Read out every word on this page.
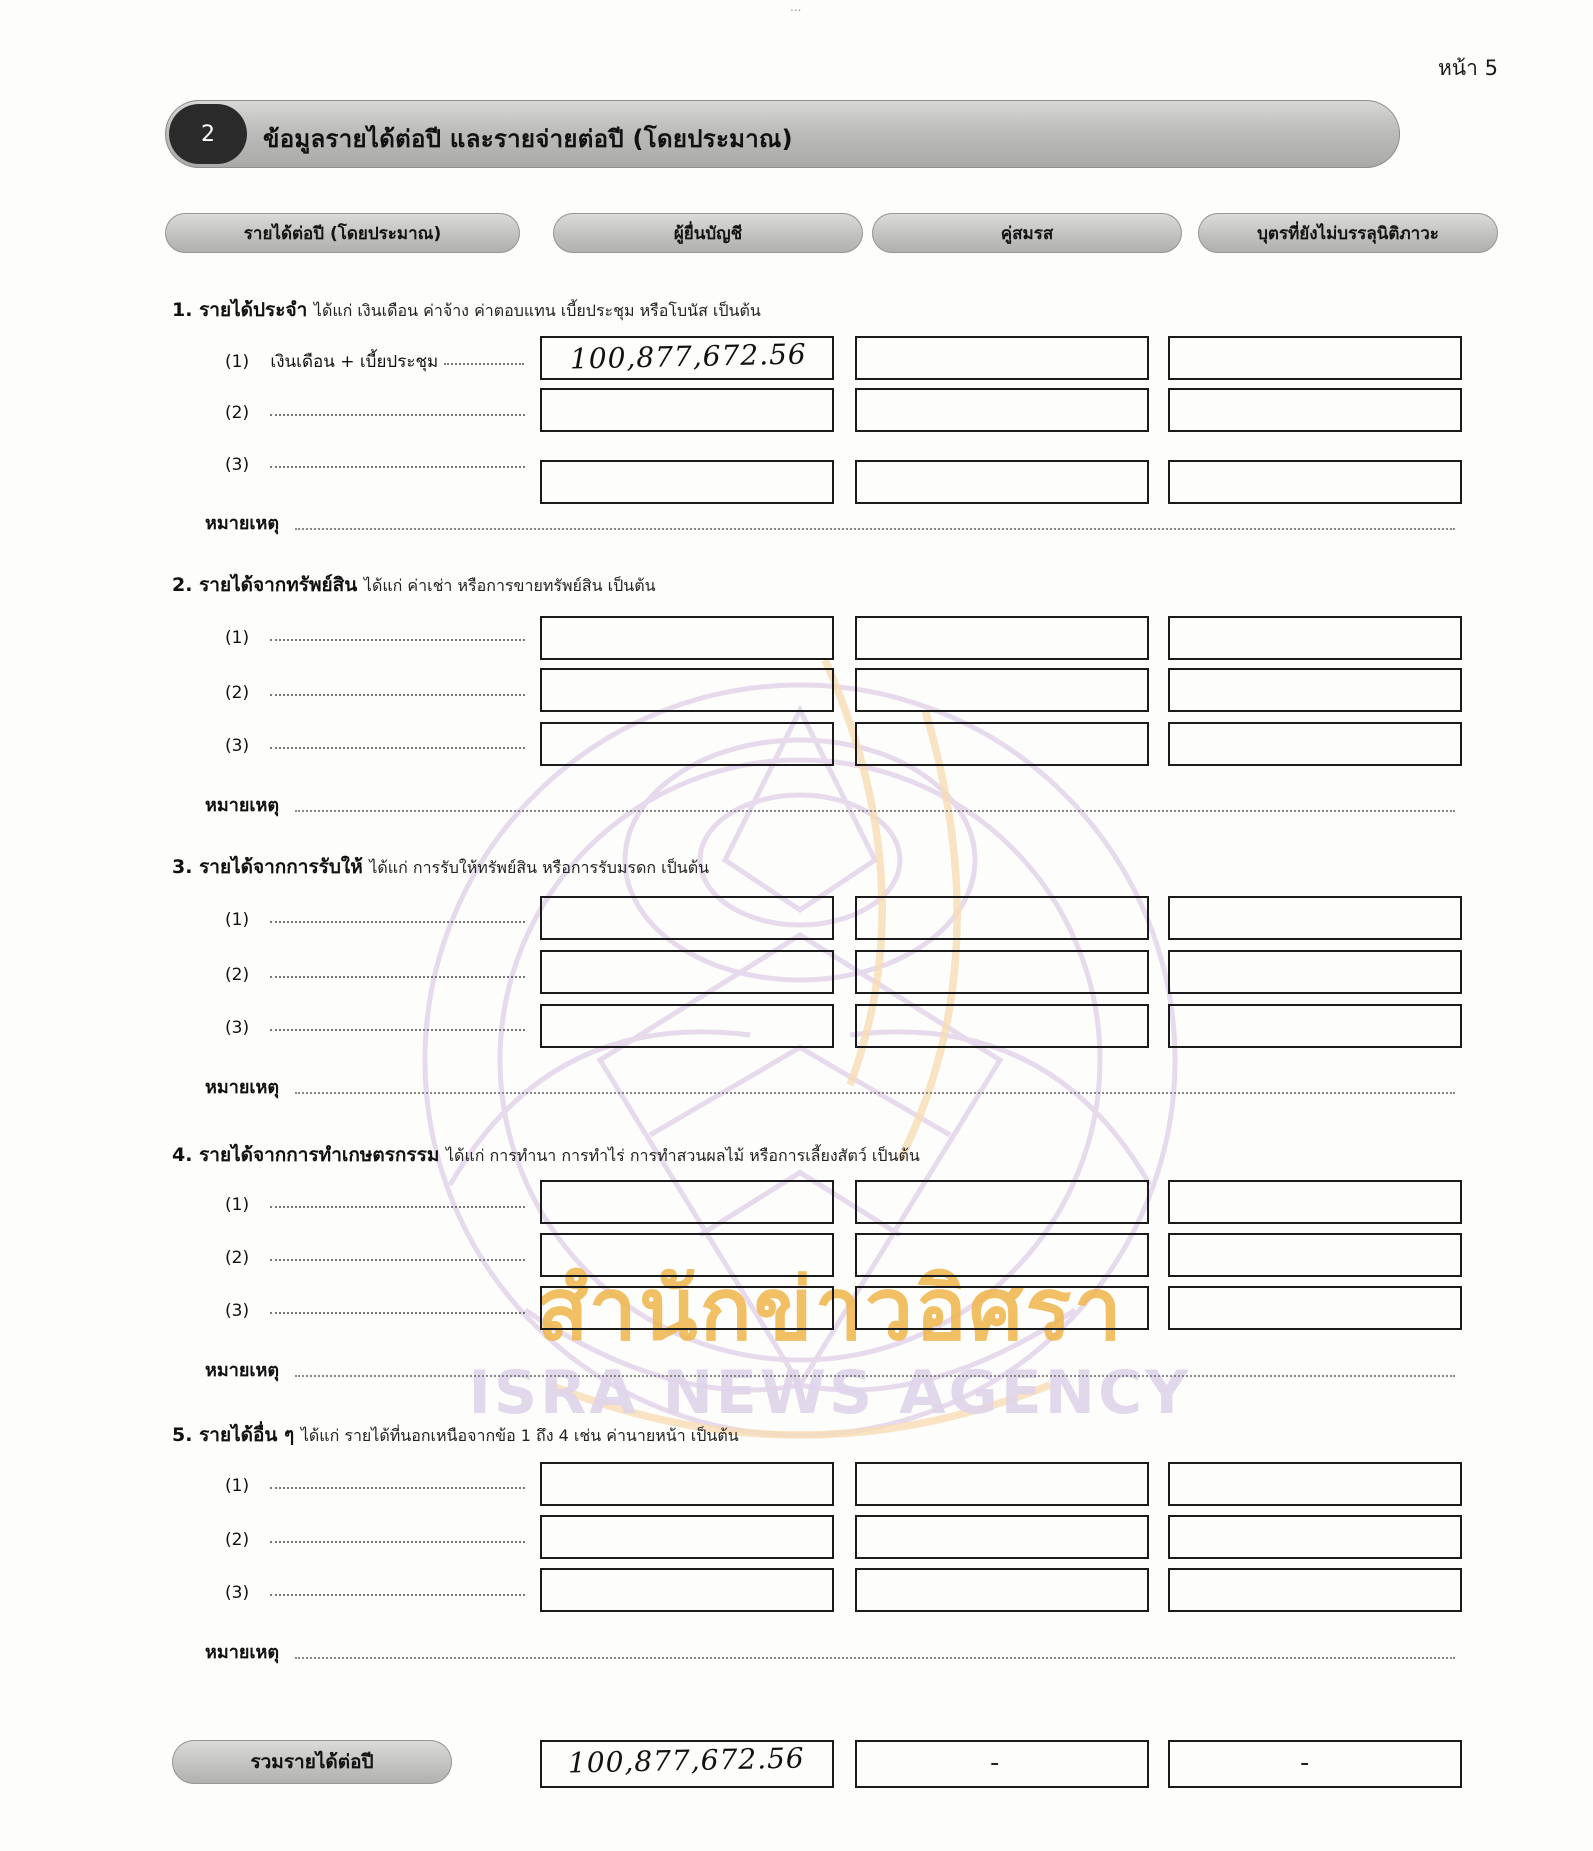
...
หน้า 5
สำนักข่าวอิศรา
ISRA NEWS AGENCY
2	ข้อมูลรายได้ต่อปี และรายจ่ายต่อปี (โดยประมาณ)
รายได้ต่อปี (โดยประมาณ)	ผู้ยื่นบัญชี	คู่สมรส	บุตรที่ยังไม่บรรลุนิติภาวะ
1. รายได้ประจำ ได้แก่ เงินเดือน ค่าจ้าง ค่าตอบแทน เบี้ยประชุม หรือโบนัส เป็นต้น
(1) เงินเดือน + เบี้ยประชุม	100,877,672.56
(2)
(3)
หมายเหตุ
2. รายได้จากทรัพย์สิน ได้แก่ ค่าเช่า หรือการขายทรัพย์สิน เป็นต้น
(1)
(2)
(3)
หมายเหตุ
3. รายได้จากการรับให้ ได้แก่ การรับให้ทรัพย์สิน หรือการรับมรดก เป็นต้น
(1)
(2)
(3)
หมายเหตุ
4. รายได้จากการทำเกษตรกรรม ได้แก่ การทำนา การทำไร่ การทำสวนผลไม้ หรือการเลี้ยงสัตว์ เป็นต้น
(1)
(2)
(3)
หมายเหตุ
5. รายได้อื่น ๆ ได้แก่ รายได้ที่นอกเหนือจากข้อ 1 ถึง 4 เช่น ค่านายหน้า เป็นต้น
(1)
(2)
(3)
หมายเหตุ
รวมรายได้ต่อปี	100,877,672.56	-	-
